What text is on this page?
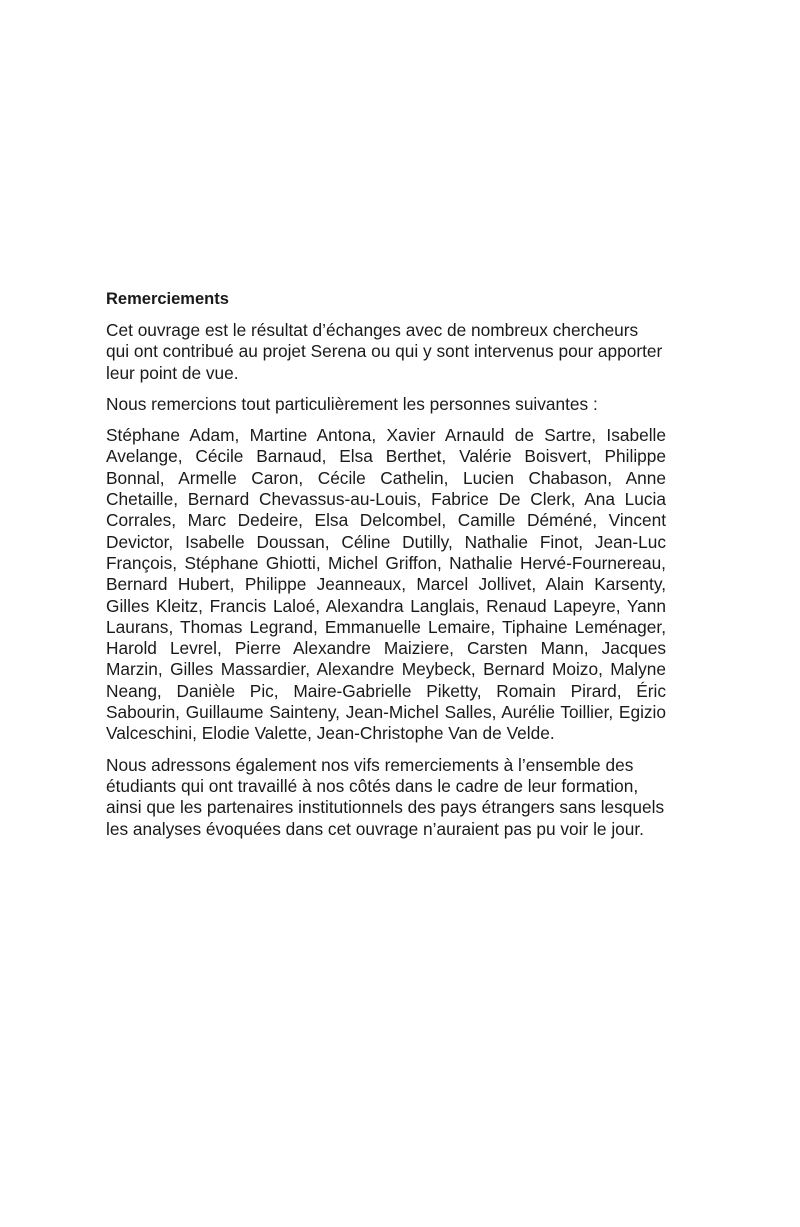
Remerciements

Cet ouvrage est le résultat d’échanges avec de nombreux chercheurs qui ont contribué au projet Serena ou qui y sont intervenus pour apporter leur point de vue.

Nous remercions tout particulièrement les personnes suivantes :

Stéphane Adam, Martine Antona, Xavier Arnauld de Sartre, Isabelle Avelange, Cécile Barnaud, Elsa Berthet, Valérie Boisvert, Philippe Bonnal, Armelle Caron, Cécile Cathelin, Lucien Chabason, Anne Chetaille, Bernard Chevassus-au-Louis, Fabrice De Clerk, Ana Lucia Corrales, Marc Dedeire, Elsa Delcombel, Camille Déméné, Vincent Devictor, Isabelle Doussan, Céline Dutilly, Nathalie Finot, Jean-Luc François, Stéphane Ghiotti, Michel Griffon, Nathalie Hervé-Fournereau, Bernard Hubert, Philippe Jeanneaux, Marcel Jollivet, Alain Karsenty, Gilles Kleitz, Francis Laloé, Alexandra Langlais, Renaud Lapeyre, Yann Laurans, Thomas Legrand, Emmanuelle Lemaire, Tiphaine Leménager, Harold Levrel, Pierre Alexandre Maiziere, Carsten Mann, Jacques Marzin, Gilles Massardier, Alexandre Meybeck, Bernard Moizo, Malyne Neang, Danièle Pic, Maire-Gabrielle Piketty, Romain Pirard, Éric Sabourin, Guillaume Sainteny, Jean-Michel Salles, Aurélie Toillier, Egizio Valceschini, Elodie Valette, Jean-Christophe Van de Velde.

Nous adressons également nos vifs remerciements à l’ensemble des étudiants qui ont travaillé à nos côtés dans le cadre de leur formation, ainsi que les partenaires institutionnels des pays étrangers sans lesquels les analyses évoquées dans cet ouvrage n’auraient pas pu voir le jour.
